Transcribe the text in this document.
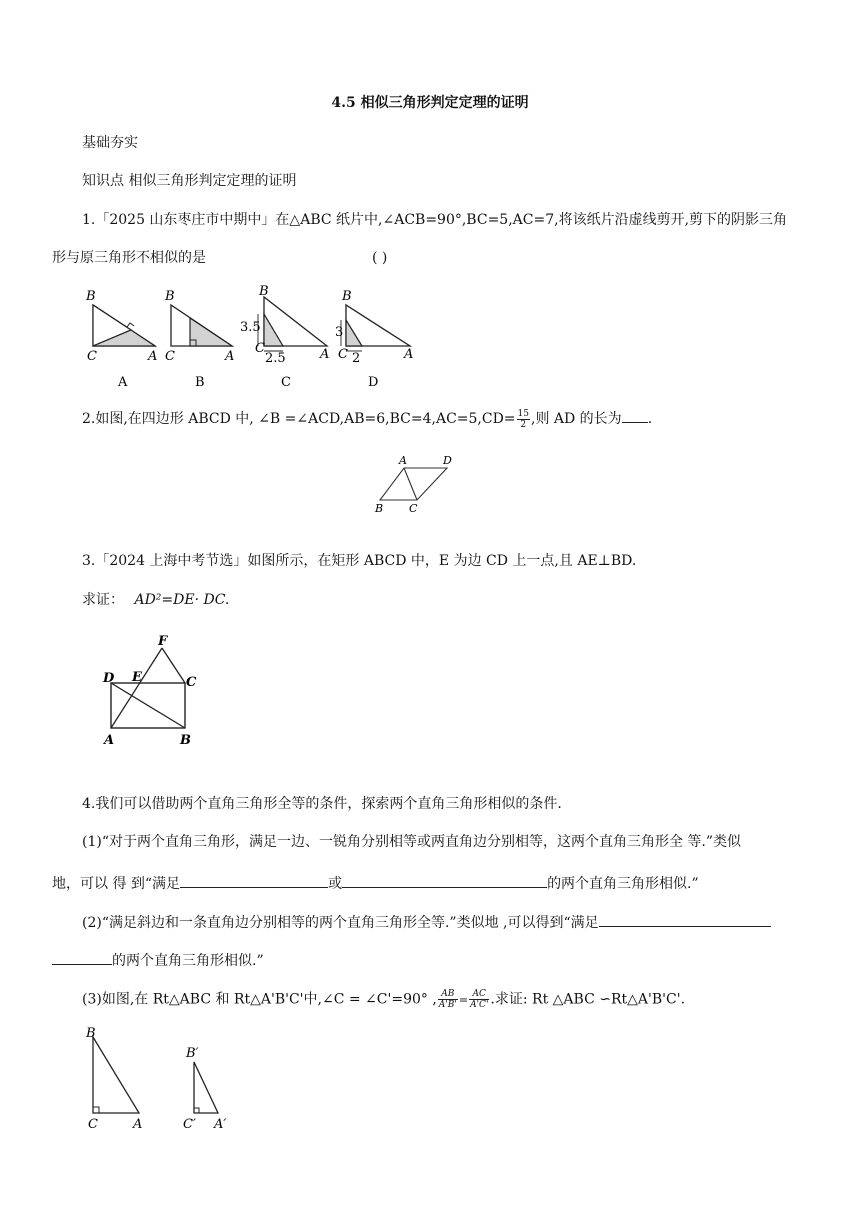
4.5 相似三角形判定定理的证明
基础夯实
知识点 相似三角形判定定理的证明
1.「2025 山东枣庄市中期中」在△ABC 纸片中,∠ACB=90°,BC=5,AC=7,将该纸片沿虚线剪开,剪下的阴影三角
形与原三角形不相似的是	( )
B
C	A
A
B
C	A
B
B
C	A
3.5
2.5
C
B
C	A
3
2
D
A	D
B C
F
D E	C
A	B
B
C	A
B′
C′ A′
2.如图,在四边形 ABCD 中, ∠B =∠ACD,AB=6,BC=4,AC=5,CD= $\frac{15}{2}$ ,则 AD 的长为 .
3.「2024 上海中考节选」如图所示，在矩形 ABCD 中，E 为边 CD 上一点,且 AE⊥BD.
求证： AD²=DE· DC.
4.我们可以借助两个直角三角形全等的条件，探索两个直角三角形相似的条件.
(1)“对于两个直角三角形，满足一边、一锐角分别相等或两直角边分别相等，这两个直角三角形全 等.”类似
地，可以 得 到“满足	或	的两个直角三角形相似.”
(2)“满足斜边和一条直角边分别相等的两个直角三角形全等.”类似地 ,可以得到“满足
的两个直角三角形相似.”
(3)如图,在 Rt△ABC 和 Rt△A'B'C'中,∠C = ∠C'=90° , $\frac{AB}{A'B'} = \frac{AC}{A'C'}$ .求证: Rt △ABC ∽Rt△A'B'C'.
